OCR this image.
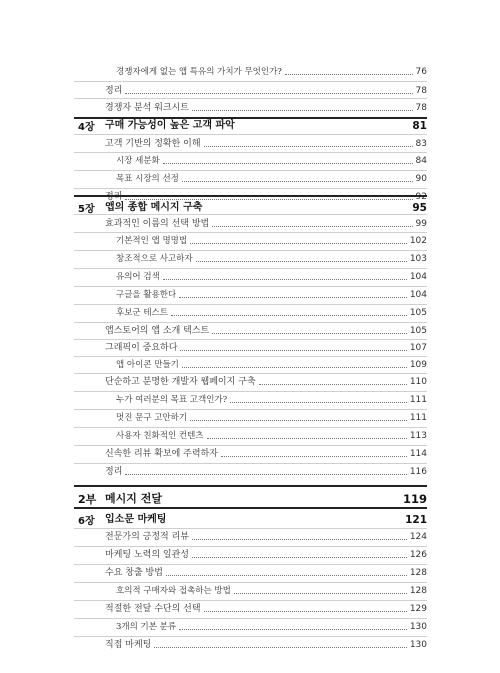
경쟁자에게 없는 앱 특유의 가치가 무엇인가?	76
정리	78
경쟁자 분석 워크시트	78
4장 구매 가능성이 높은 고객 파악	81
고객 기반의 정확한 이해	83
시장 세분화	84
목표 시장의 선정	90
정리	92
5장 앱의 종합 메시지 구축	95
효과적인 이름의 선택 방법	99
기본적인 앱 명명법	102
창조적으로 사고하자	103
유의어 검색	104
구글을 활용한다	104
후보군 테스트	105
앱스토어의 앱 소개 텍스트	105
그래픽이 중요하다	107
앱 아이콘 만들기	109
단순하고 분명한 개발자 웹페이지 구축	110
누가 여러분의 목표 고객인가?	111
멋진 문구 고안하기	111
사용자 친화적인 컨텐츠	113
신속한 리뷰 확보에 주력하자	114
정리	116
2부 메시지 전달	119
6장 입소문 마케팅	121
전문가의 긍정적 리뷰	124
마케팅 노력의 일관성	126
수요 창출 방법	128
호의적 구매자와 접촉하는 방법	128
적절한 전달 수단의 선택	129
3개의 기본 분류	130
직접 마케팅	130
